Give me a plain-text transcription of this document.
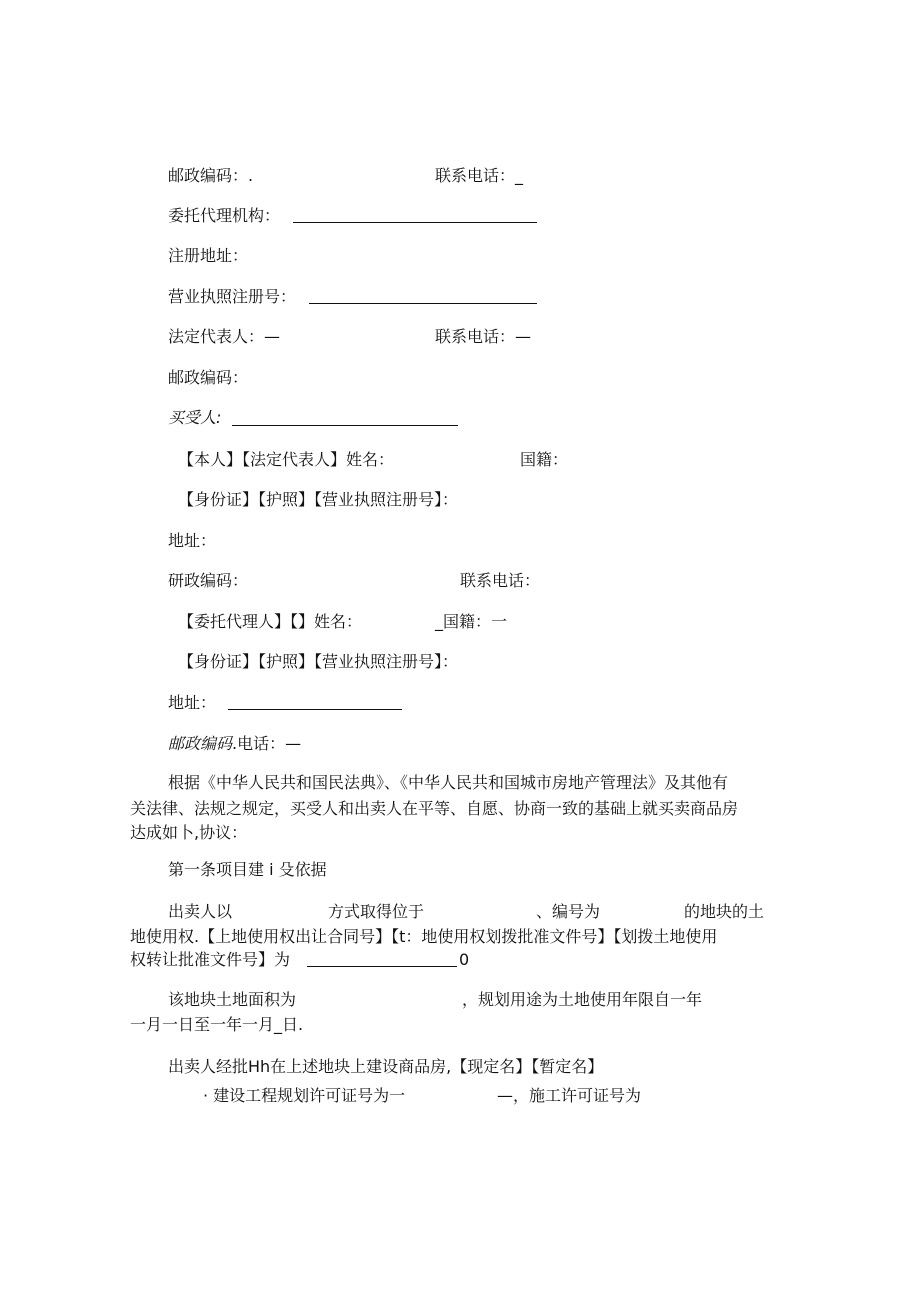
邮政编码：.	联系电话：_
委托代理机构：
注册地址：
营业执照注册号：
法定代表人：—	联系电话：—
邮政编码：
买受人:
【本人】【法定代表人】姓名：	国籍：
【身份证】【护照】【营业执照注册号】：
地址：
研政编码：	联系电话：
【委托代理人】【】姓名：	_国籍：一
【身份证】【护照】【营业执照注册号】：
地址：
邮政编码.电话：—
根据《中华人民共和国民法典》、《中华人民共和国城市房地产管理法》及其他有
关法律、法规之规定，买受人和出卖人在平等、自愿、协商一致的基础上就买卖商品房
达成如卜,协议：
第一条项目建 i 殳依据
出卖人以	方式取得位于	、编号为	的地块的土
地使用权.【上地使用权出让合同号】【t：地使用权划拨批准文件号】【划拨土地使用
权转让批准文件号】为	0
该地块土地面积为	，规划用途为土地使用年限自一年
一月一日至一年一月_日.
出卖人经批Hh在上述地块上建设商品房,【现定名】【暂定名】
· 建设工程规划许可证号为一	—，施工许可证号为
